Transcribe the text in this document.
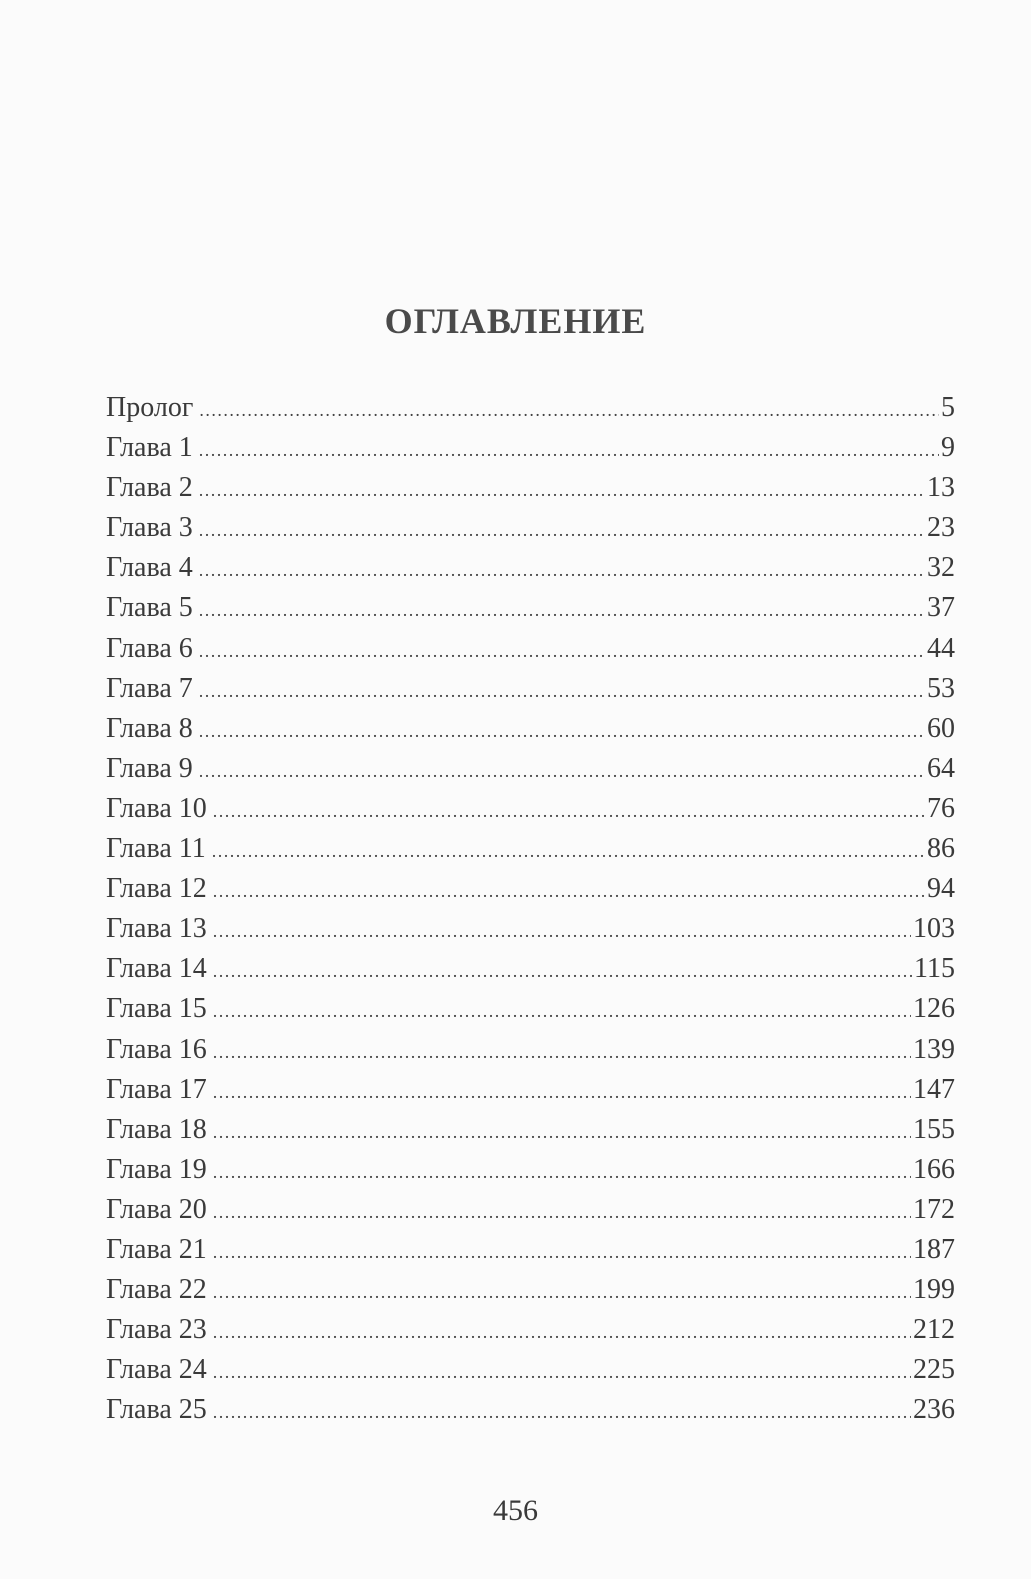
ОГЛАВЛЕНИЕ
Пролог .....	5
Глава 1 .....	9
Глава 2 .....	13
Глава 3 .....	23
Глава 4 .....	32
Глава 5 .....	37
Глава 6 .....	44
Глава 7 .....	53
Глава 8 .....	60
Глава 9 .....	64
Глава 10 .....	76
Глава 11 .....	86
Глава 12 .....	94
Глава 13 .....	103
Глава 14 .....	115
Глава 15 .....	126
Глава 16 .....	139
Глава 17 .....	147
Глава 18 .....	155
Глава 19 .....	166
Глава 20 .....	172
Глава 21 .....	187
Глава 22 .....	199
Глава 23 .....	212
Глава 24 .....	225
Глава 25 .....	236
456
